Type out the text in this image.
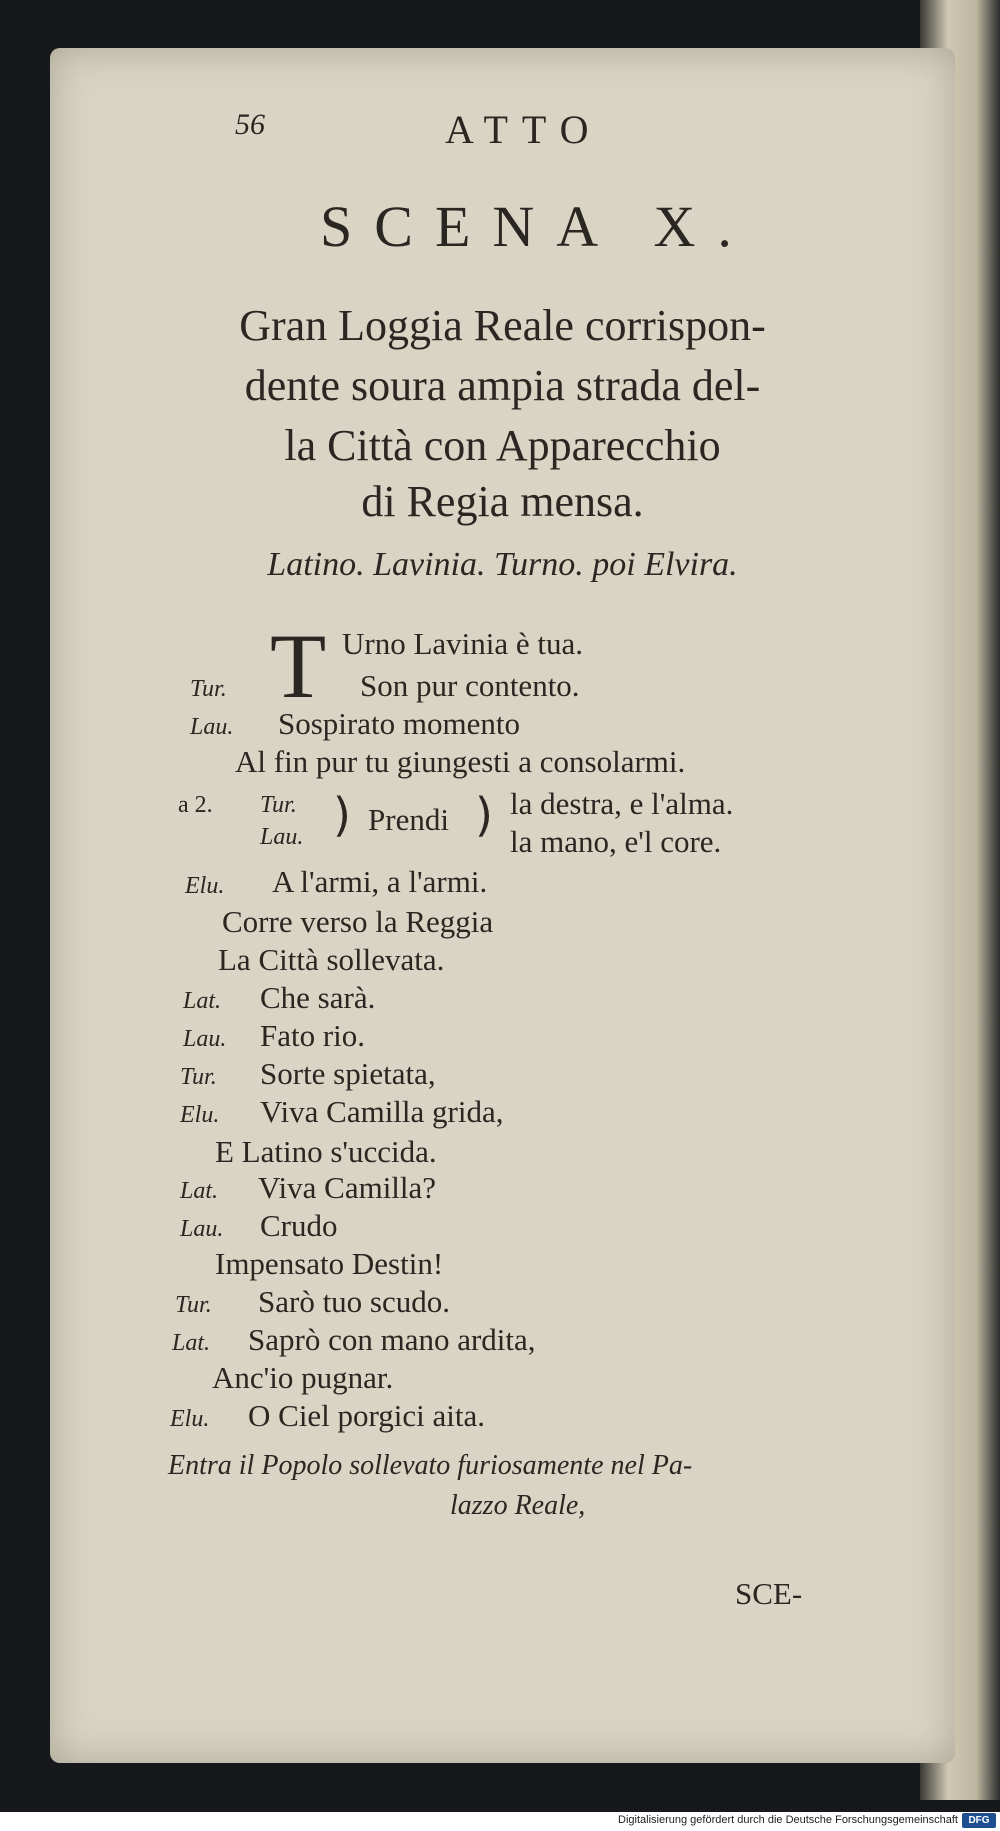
56	ATTO
SCENA X.
Gran Loggia Reale corrispon-
dente soura ampia strada del-
la Città con Apparecchio
di Regia mensa.
Latino. Lavinia. Turno. poi Elvira.
T Urno Lavinia è tua.
Tur.	Son pur contento.
Lau. Sospirato momento
Al fin pur tu giungesti a consolarmi.
a 2. Tur.
Lau. ) Prendi ) la destra, e l'alma.
la mano, e'l core.
Elu. A l'armi, a l'armi.
Corre verso la Reggia
La Città sollevata.
Lat. Che sarà.
Lau. Fato rio.
Tur. Sorte spietata,
Elu. Viva Camilla grida,
E Latino s'uccida.
Lat. Viva Camilla?
Lau. Crudo
Impensato Destin!
Tur. Sarò tuo scudo.
Lat. Saprò con mano ardita,
Anc'io pugnar.
Elu. O Ciel porgici aita.
Entra il Popolo sollevato furiosamente nel Pa-
lazzo Reale,
SCE-
Digitalisierung gefördert durch die Deutsche Forschungsgemeinschaft	DFG
